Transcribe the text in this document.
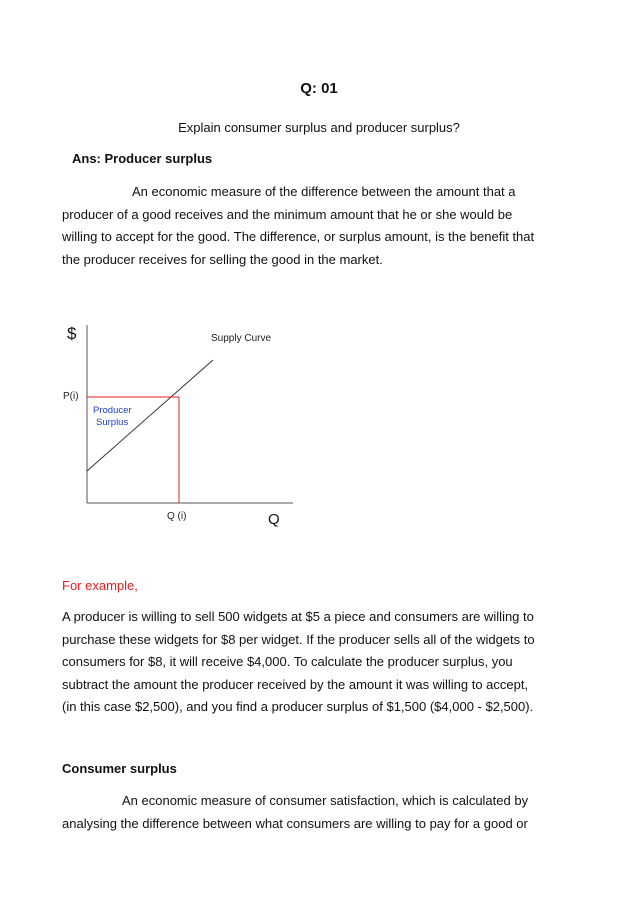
Q: 01
Explain consumer surplus and producer surplus?
Ans: Producer surplus

An economic measure of the difference between the amount that a

producer of a good receives and the minimum amount that he or she would be

willing to accept for the good. The difference, or surplus amount, is the benefit that

the producer receives for selling the good in the market.

$
Q
Supply Curve
P(i)
Q (i)
Producer
Surplus
For example,

A producer is willing to sell 500 widgets at $5 a piece and consumers are willing to

purchase these widgets for $8 per widget. If the producer sells all of the widgets to

consumers for $8, it will receive $4,000. To calculate the producer surplus, you

subtract the amount the producer received by the amount it was willing to accept,

(in this case $2,500), and you find a producer surplus of $1,500 ($4,000 - $2,500).

Consumer surplus

An economic measure of consumer satisfaction, which is calculated by

analysing the difference between what consumers are willing to pay for a good or
